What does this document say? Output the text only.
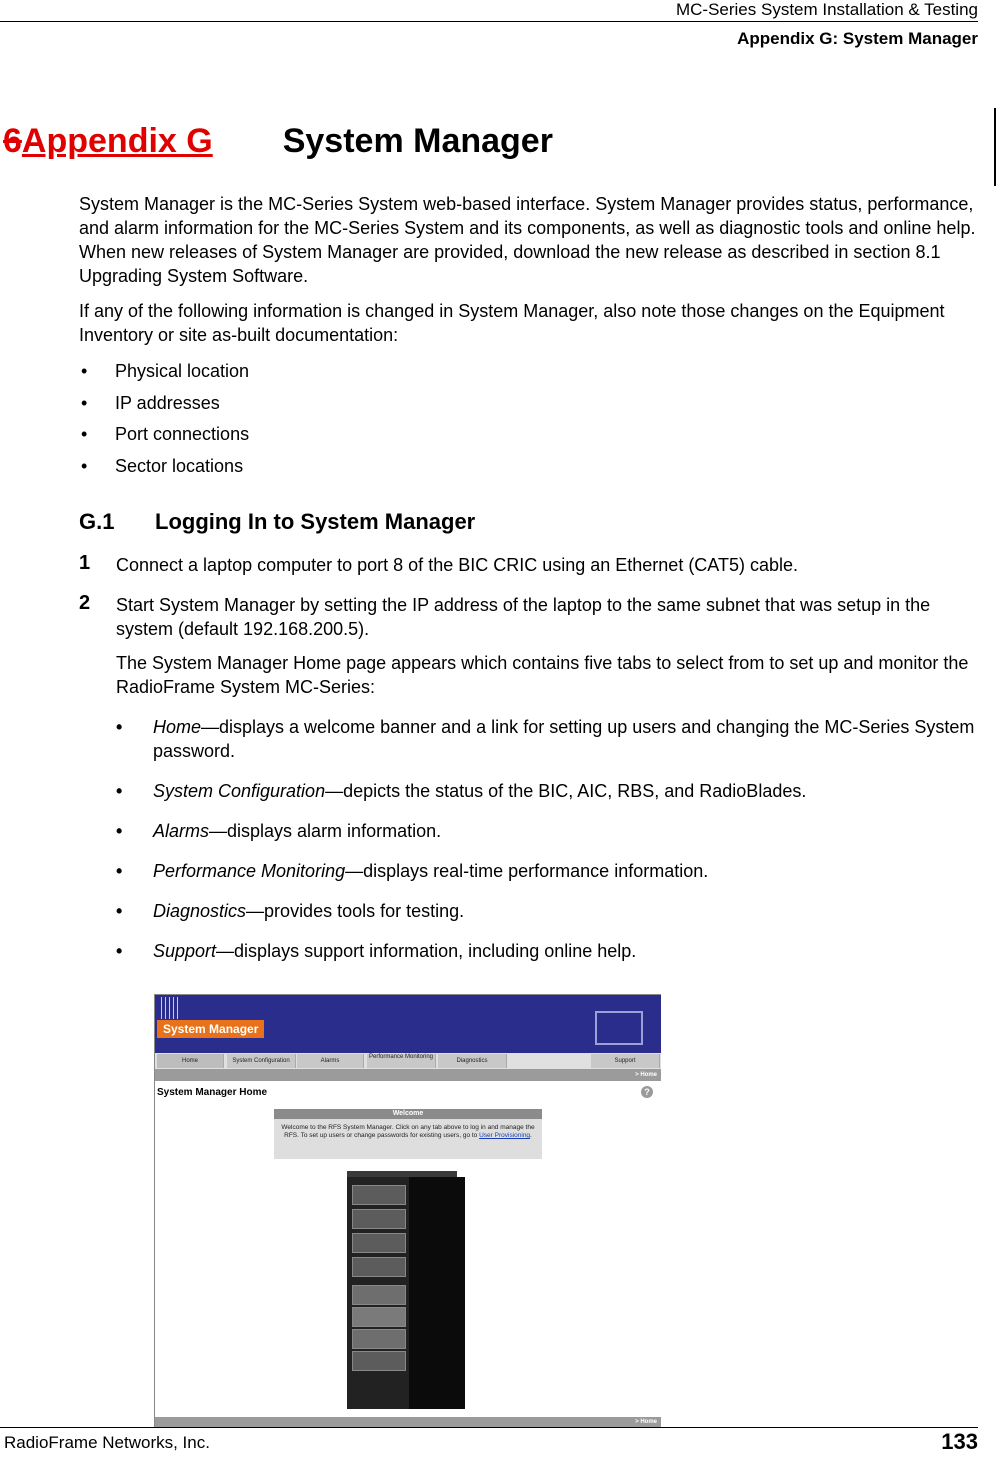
MC-Series System Installation & Testing
Appendix G: System Manager
6Appendix G System Manager
System Manager is the MC-Series System web-based interface. System Manager provides status, performance, and alarm information for the MC-Series System and its components, as well as diagnostic tools and online help. When new releases of System Manager are provided, download the new release as described in section 8.1 Upgrading System Software.
If any of the following information is changed in System Manager, also note those changes on the Equipment Inventory or site as-built documentation:
• Physical location
• IP addresses
• Port connections
• Sector locations
G.1 Logging In to System Manager
1 Connect a laptop computer to port 8 of the BIC CRIC using an Ethernet (CAT5) cable.
2 Start System Manager by setting the IP address of the laptop to the same subnet that was setup in the system (default 192.168.200.5).
The System Manager Home page appears which contains five tabs to select from to set up and monitor the RadioFrame System MC-Series:
• Home—displays a welcome banner and a link for setting up users and changing the MC-Series System password.
• System Configuration—depicts the status of the BIC, AIC, RBS, and RadioBlades.
• Alarms—displays alarm information.
• Performance Monitoring—displays real-time performance information.
• Diagnostics—provides tools for testing.
• Support—displays support information, including online help.
System Manager
Home	System Configuration	Alarms
Performance Monitoring
Diagnostics	Support
> Home
System Manager Home	?
Welcome
Welcome to the RFS System Manager. Click on any tab above to log in and manage the RFS. To set up users or change passwords for existing users, go to User Provisioning.
> Home
RadioFrame Networks, Inc.	133
